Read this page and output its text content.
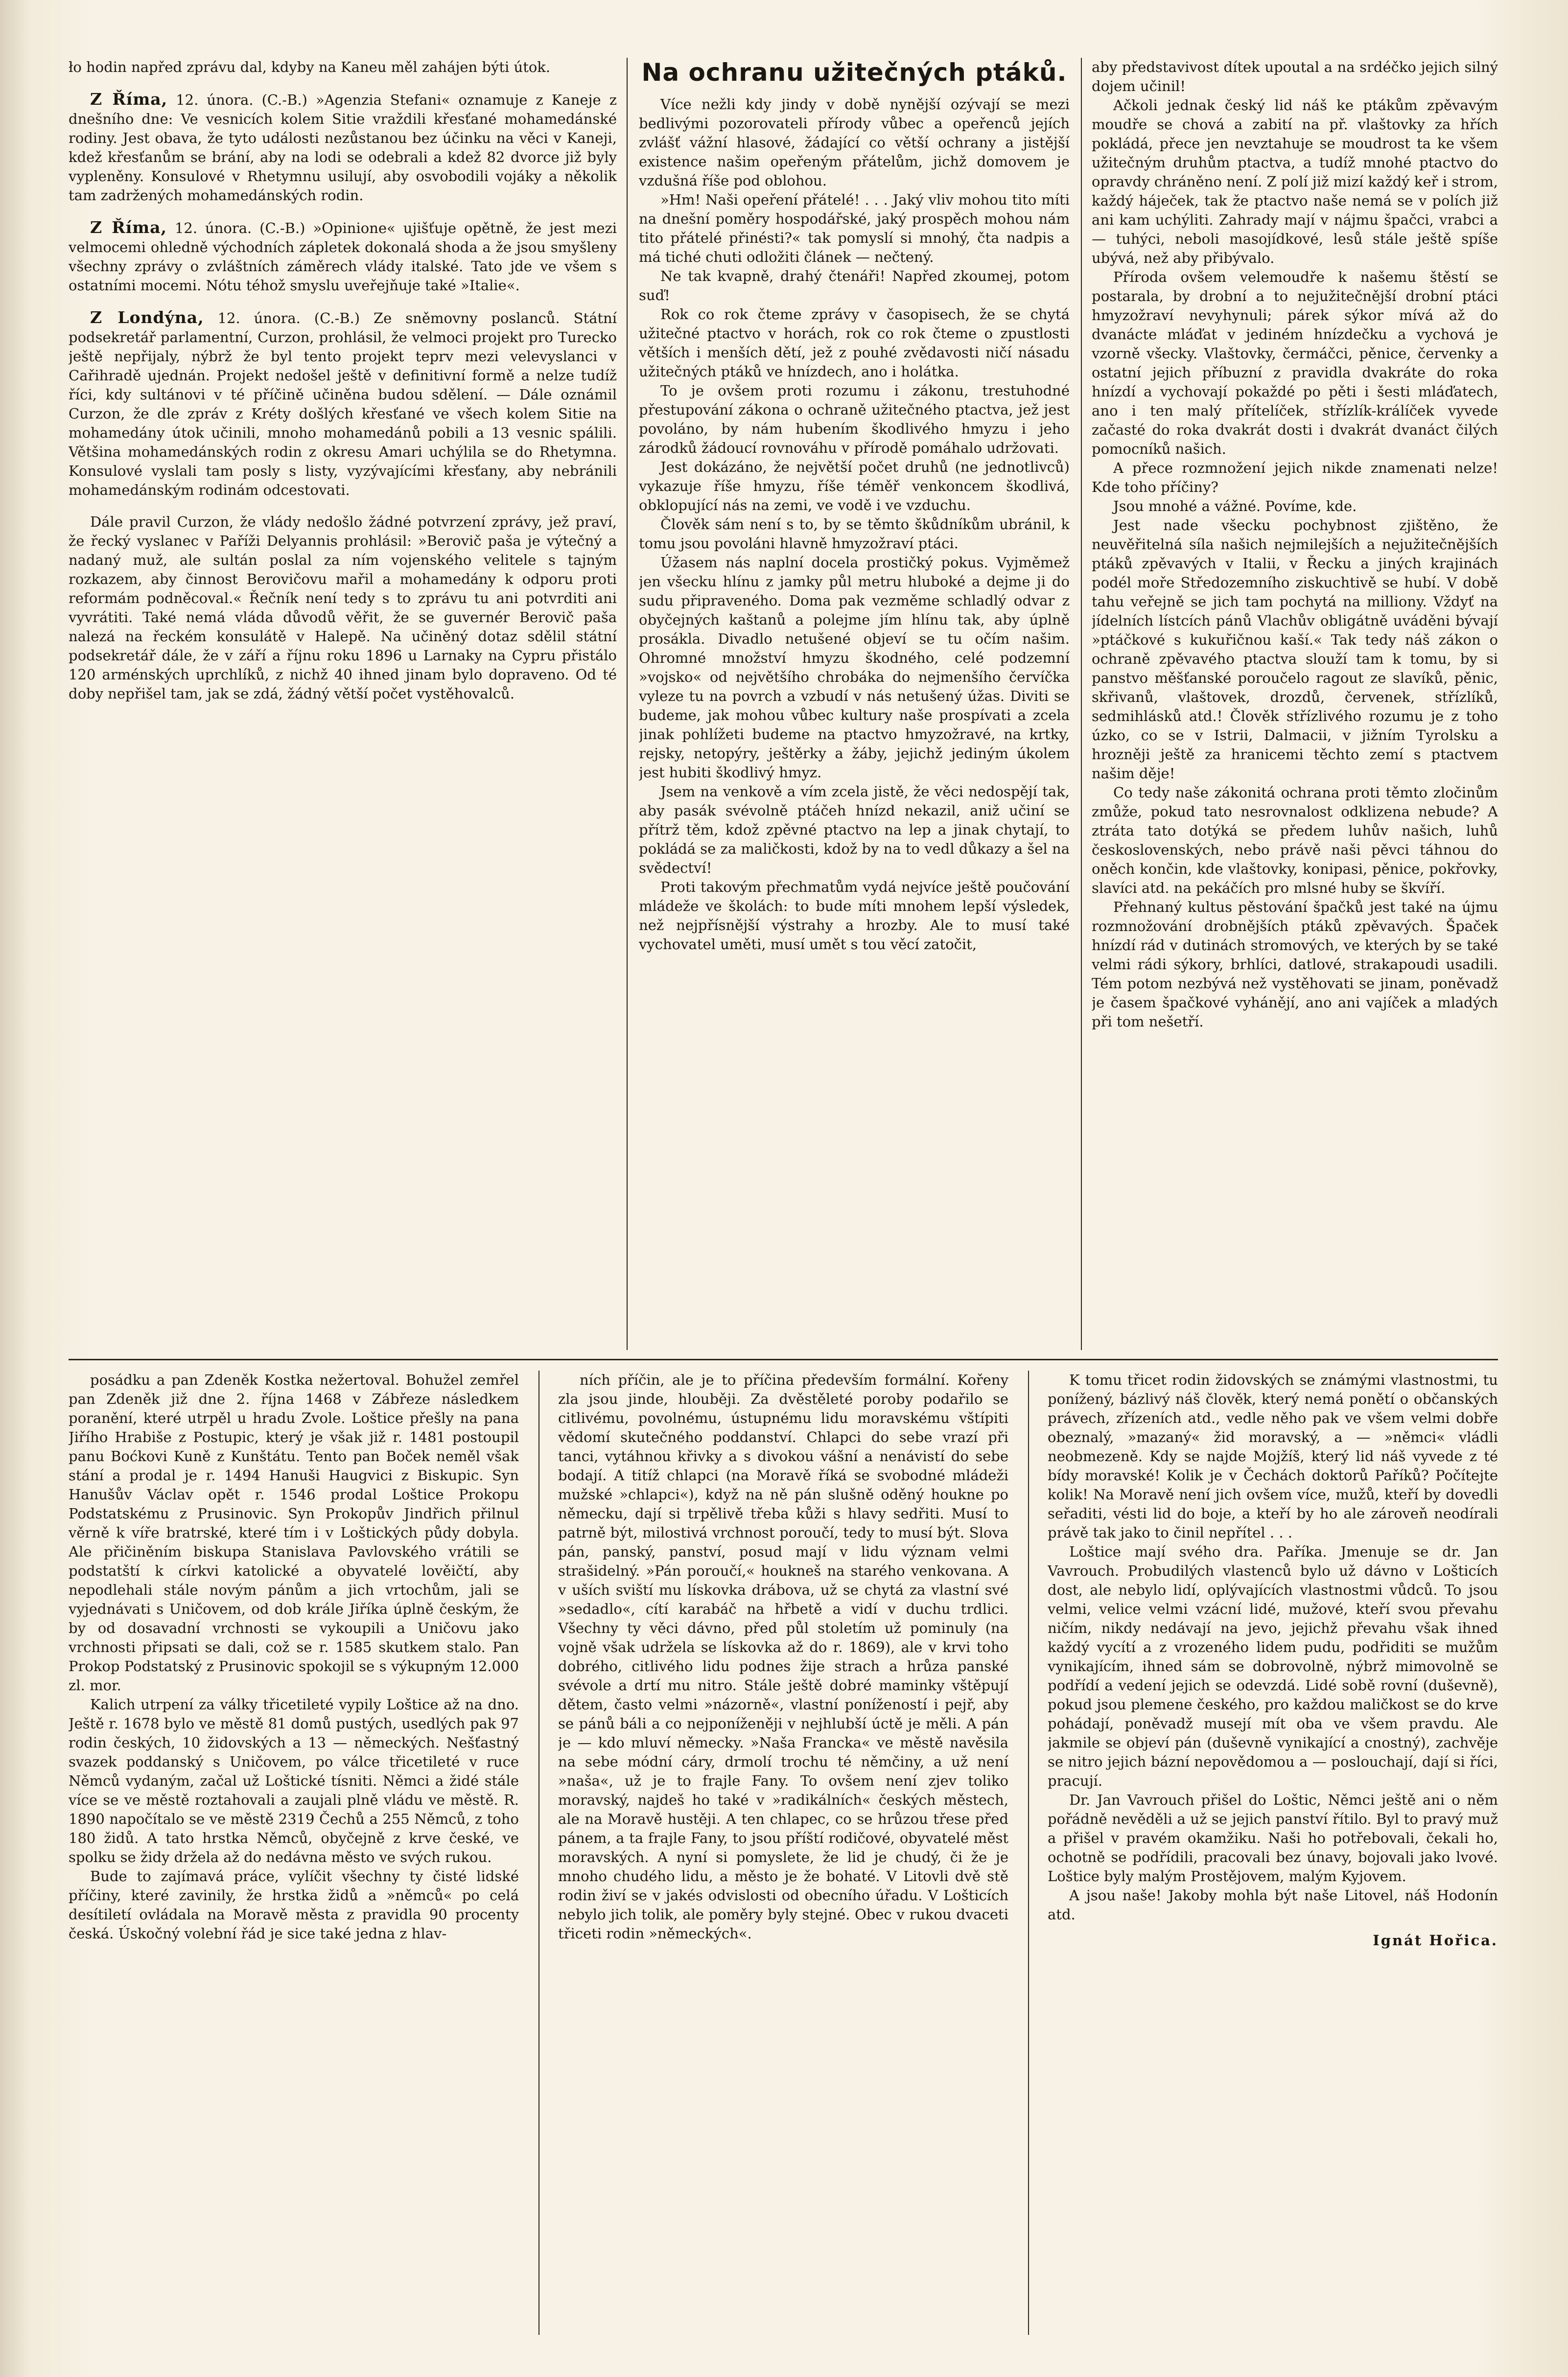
ło hodin napřed zprávu dal, kdyby na Kaneu měl zahájen býti útok.

Z Říma, 12. února. (C.-B.) »Agenzia Stefani« oznamuje z Kaneje z dnešního dne: Ve vesnicích kolem Sitie vraždili křesťané mohamedánské rodiny. Jest obava, že tyto události nezůstanou bez účinku na věci v Kaneji, kdež křesťanům se brání, aby na lodi se odebrali a kdež 82 dvorce již byly vypleněny. Konsulové v Rhetymnu usilují, aby osvobodili vojáky a několik tam zadržených mohamedánských rodin.

Z Říma, 12. února. (C.-B.) »Opinione« ujišťuje opětně, že jest mezi velmocemi ohledně východních zápletek dokonalá shoda a že jsou smyšleny všechny zprávy o zvláštních záměrech vlády italské. Tato jde ve všem s ostatními mocemi. Nótu téhož smyslu uveřejňuje také »Italie«.

Z Londýna, 12. února. (C.-B.) Ze sněmovny poslanců. Státní podsekretář parlamentní, Curzon, prohlásil, že velmoci projekt pro Turecko ještě nepřijaly, nýbrž že byl tento projekt teprv mezi velevyslanci v Cařihradě ujednán. Projekt nedošel ještě v definitivní formě a nelze tudíž říci, kdy sultánovi v té příčině učiněna budou sdělení. — Dále oznámil Curzon, že dle zpráv z Kréty došlých křesťané ve všech kolem Sitie na mohamedány útok učinili, mnoho mohamedánů pobili a 13 vesnic spálili. Většina mohamedánských rodin z okresu Amari uchýlila se do Rhetymna. Konsulové vyslali tam posly s listy, vyzývajícími křesťany, aby nebránili mohamedánským rodinám odcestovati.

Dále pravil Curzon, že vlády nedošlo žádné potvrzení zprávy, jež praví, že řecký vyslanec v Paříži Delyannis prohlásil: »Berovič paša je výtečný a nadaný muž, ale sultán poslal za ním vojenského velitele s tajným rozkazem, aby činnost Berovičovu mařil a mohamedány k odporu proti reformám podněcoval.« Řečník není tedy s to zprávu tu ani potvrditi ani vyvrátiti. Také nemá vláda důvodů věřit, že se guvernér Berovič paša nalezá na řeckém konsulátě v Halepě. Na učiněný dotaz sdělil státní podsekretář dále, že v září a říjnu roku 1896 u Larnaky na Cypru přistálo 120 arménských uprchlíků, z nichž 40 ihned jinam bylo dopraveno. Od té doby nepřišel tam, jak se zdá, žádný větší počet vystěhovalců.

Na ochranu užitečných ptáků.

Více nežli kdy jindy v době nynější ozývají se mezi bedlivými pozorovateli přírody vůbec a opeřenců jejích zvlášť vážní hlasové, žádající co větší ochrany a jistější existence našim opeřeným přátelům, jichž domovem je vzdušná říše pod oblohou.

»Hm! Naši opeření přátelé! . . . Jaký vliv mohou tito míti na dnešní poměry hospodářské, jaký prospěch mohou nám tito přátelé přinésti?« tak pomyslí si mnohý, čta nadpis a má tiché chuti odložiti článek — nečtený.

Ne tak kvapně, drahý čtenáři! Napřed zkoumej, potom suď!

Rok co rok čteme zprávy v časopisech, že se chytá užitečné ptactvo v horách, rok co rok čteme o zpustlosti větších i menších dětí, jež z pouhé zvědavosti ničí násadu užitečných ptáků ve hnízdech, ano i holátka.

To je ovšem proti rozumu i zákonu, trestuhodné přestupování zákona o ochraně užitečného ptactva, jež jest povoláno, by nám hubením škodlivého hmyzu i jeho zárodků žádoucí rovnováhu v přírodě pomáhalo udržovati.

Jest dokázáno, že největší počet druhů (ne jednotlivců) vykazuje říše hmyzu, říše téměř venkoncem škodlivá, obklopující nás na zemi, ve vodě i ve vzduchu.

Člověk sám není s to, by se těmto škůdníkům ubránil, k tomu jsou povoláni hlavně hmyzožraví ptáci.

Úžasem nás naplní docela prostičký pokus. Vyjměmež jen všecku hlínu z jamky půl metru hluboké a dejme ji do sudu připraveného. Doma pak vezměme schladlý odvar z obyčejných kaštanů a polejme jím hlínu tak, aby úplně prosákla. Divadlo netušené objeví se tu očím našim. Ohromné množství hmyzu škodného, celé podzemní »vojsko« od největšího chrobáka do nejmenšího červíčka vyleze tu na povrch a vzbudí v nás netušený úžas. Diviti se budeme, jak mohou vůbec kultury naše prospívati a zcela jinak pohlížeti budeme na ptactvo hmyzožravé, na krtky, rejsky, netopýry, ještěrky a žáby, jejichž jediným úkolem jest hubiti škodlivý hmyz.

Jsem na venkově a vím zcela jistě, že věci nedospějí tak, aby pasák svévolně ptáčeh hnízd nekazil, aniž učiní se přítrž těm, kdož zpěvné ptactvo na lep a jinak chytají, to pokládá se za maličkosti, kdož by na to vedl důkazy a šel na svědectví!

Proti takovým přechmatům vydá nejvíce ještě poučování mládeže ve školách: to bude míti mnohem lepší výsledek, než nejpřísnější výstrahy a hrozby. Ale to musí také vychovatel uměti, musí umět s tou věcí zatočit,

aby představivost dítek upoutal a na srdéčko jejich silný dojem učinil!

Ačkoli jednak český lid náš ke ptákům zpěvavým moudře se chová a zabití na př. vlaštovky za hřích pokládá, přece jen nevztahuje se moudrost ta ke všem užitečným druhům ptactva, a tudíž mnohé ptactvo do opravdy chráněno není. Z polí již mizí každý keř i strom, každý háječek, tak že ptactvo naše nemá se v polích již ani kam uchýliti. Zahrady mají v nájmu špačci, vrabci a — tuhýci, neboli masojídkové, lesů stále ještě spíše ubývá, než aby přibývalo.

Příroda ovšem velemoudře k našemu štěstí se postarala, by drobní a to nejužitečnější drobní ptáci hmyzožraví nevyhynuli; párek sýkor mívá až do dvanácte mláďat v jediném hnízdečku a vychová je vzorně všecky. Vlaštovky, čermáčci, pěnice, červenky a ostatní jejich příbuzní z pravidla dvakráte do roka hnízdí a vychovají pokaždé po pěti i šesti mláďatech, ano i ten malý přítelíček, střízlík-králíček vyvede začasté do roka dvakrát dosti i dvakrát dvanáct čilých pomocníků našich.

A přece rozmnožení jejich nikde znamenati nelze! Kde toho příčiny?

Jsou mnohé a vážné. Povíme, kde.

Jest nade všecku pochybnost zjištěno, že neuvěřitelná síla našich nejmilejších a nejužitečnějších ptáků zpěvavých v Italii, v Řecku a jiných krajinách podél moře Středozemního ziskuchtivě se hubí. V době tahu veřejně se jich tam pochytá na milliony. Vždyť na jídelních lístcích pánů Vlachův obligátně uváděni bývají »ptáčkové s kukuřičnou kaší.« Tak tedy náš zákon o ochraně zpěvavého ptactva slouží tam k tomu, by si panstvo měšťanské poroučelo ragout ze slavíků, pěnic, skřivanů, vlaštovek, drozdů, červenek, střízlíků, sedmihlásků atd.! Člověk střízlivého rozumu je z toho úzko, co se v Istrii, Dalmacii, v jižním Tyrolsku a hrozněji ještě za hranicemi těchto zemí s ptactvem našim děje!

Co tedy naše zákonitá ochrana proti těmto zločinům zmůže, pokud tato nesrovnalost odklizena nebude? A ztráta tato dotýká se předem luhův našich, luhů československých, nebo právě naši pěvci táhnou do oněch končin, kde vlaštovky, konipasi, pěnice, pokřovky, slavíci atd. na pekáčích pro mlsné huby se škvíří.

Přehnaný kultus pěstování špačků jest také na újmu rozmnožování drobnějších ptáků zpěvavých. Špaček hnízdí rád v dutinách stromových, ve kterých by se také velmi rádi sýkory, brhlíci, datlové, strakapoudi usadili. Tém potom nezbývá než vystěhovati se jinam, poněvadž je časem špačkové vyhánějí, ano ani vajíček a mladých při tom nešetří.

posádku a pan Zdeněk Kostka nežertoval. Bohužel zemřel pan Zdeněk již dne 2. října 1468 v Zábřeze následkem poranění, které utrpěl u hradu Zvole. Loštice přešly na pana Jiřího Hrabiše z Postupic, který je však již r. 1481 postoupil panu Boćkovi Kuně z Kunštátu. Tento pan Boček neměl však stání a prodal je r. 1494 Hanuši Haugvici z Biskupic. Syn Hanušův Václav opět r. 1546 prodal Loštice Prokopu Podstatskému z Prusinovic. Syn Prokopův Jindřich přilnul věrně k víře bratrské, které tím i v Loštických půdy dobyla. Ale přičiněním biskupa Stanislava Pavlovského vrátili se podstatští k církvi katolické a obyvatelé lověičtí, aby nepodlehali stále novým pánům a jich vrtochům, jali se vyjednávati s Uničovem, od dob krále Jiříka úplně českým, že by od dosavadní vrchnosti se vykoupili a Uničovu jako vrchnosti připsati se dali, což se r. 1585 skutkem stalo. Pan Prokop Podstatský z Prusinovic spokojil se s výkupným 12.000 zl. mor.

Kalich utrpení za války třicetileté vypily Loštice až na dno. Ještě r. 1678 bylo ve městě 81 domů pustých, usedlých pak 97 rodin českých, 10 židovských a 13 — německých. Nešťastný svazek poddanský s Uničovem, po válce třicetileté v ruce Němců vydaným, začal už Loštické tísniti. Němci a židé stále více se ve městě roztahovali a zaujali plně vládu ve městě. R. 1890 napočítalo se ve městě 2319 Čechů a 255 Němců, z toho 180 židů. A tato hrstka Němců, obyčejně z krve české, ve spolku se židy držela až do nedávna město ve svých rukou.

Bude to zajímavá práce, vylíčit všechny ty čisté lidské příčiny, které zavinily, že hrstka židů a »němců« po celá desítiletí ovládala na Moravě města z pravidla 90 procenty česká. Úskočný volební řád je sice také jedna z hlav-

ních příčin, ale je to příčina především formální. Kořeny zla jsou jinde, hlouběji. Za dvěstěleté poroby podařilo se citlivému, povolnému, ústupnému lidu moravskému vštípiti vědomí skutečného poddanství. Chlapci do sebe vrazí při tanci, vytáhnou křivky a s divokou vášní a nenávistí do sebe bodají. A titíž chlapci (na Moravě říká se svobodné mládeži mužské »chlapci«), když na ně pán slušně oděný houkne po německu, dají si trpělivě třeba kůži s hlavy sedřiti. Musí to patrně být, milostivá vrchnost poroučí, tedy to musí být. Slova pán, panský, panství, posud mají v lidu význam velmi strašidelný. »Pán poroučí,« houkneš na starého venkovana. A v uších sviští mu lískovka drábova, už se chytá za vlastní své »sedadlo«, cítí karabáč na hřbetě a vidí v duchu trdlici. Všechny ty věci dávno, před půl stoletím už pominuly (na vojně však udržela se lískovka až do r. 1869), ale v krvi toho dobrého, citlivého lidu podnes žije strach a hrůza panské svévole a drtí mu nitro. Stále ještě dobré maminky vštěpují dětem, často velmi »názorně«, vlastní ponížeností i pejř, aby se pánů báli a co nejponíženěji v nejhlubší úctě je měli. A pán je — kdo mluví německy. »Naša Francka« ve městě navěsila na sebe módní cáry, drmolí trochu té němčiny, a už není »naša«, už je to frajle Fany. To ovšem není zjev toliko moravský, najdeš ho také v »radikálních« českých městech, ale na Moravě hustěji. A ten chlapec, co se hrůzou třese před pánem, a ta frajle Fany, to jsou příští rodičové, obyvatelé měst moravských. A nyní si pomyslete, že lid je chudý, či že je mnoho chudého lidu, a město je že bohaté. V Litovli dvě stě rodin živí se v jakés odvislosti od obecního úřadu. V Lošticích nebylo jich tolik, ale poměry byly stejné. Obec v rukou dvaceti třiceti rodin »německých«.

K tomu třicet rodin židovských se známými vlastnostmi, tu ponížený, bázlivý náš člověk, který nemá ponětí o občanských právech, zřízeních atd., vedle něho pak ve všem velmi dobře obeznalý, »mazaný« žid moravský, a — »němci« vládli neobmezeně. Kdy se najde Mojžíš, který lid náš vyvede z té bídy moravské! Kolik je v Čechách doktorů Paříků? Počítejte kolik! Na Moravě není jich ovšem více, mužů, kteří by dovedli seřaditi, vésti lid do boje, a kteří by ho ale zároveň neodírali právě tak jako to činil nepřítel . . .

Loštice mají svého dra. Paříka. Jmenuje se dr. Jan Vavrouch. Probudilých vlastenců bylo už dávno v Lošticích dost, ale nebylo lidí, oplývajících vlastnostmi vůdců. To jsou velmi, velice velmi vzácní lidé, mužové, kteří svou převahu ničím, nikdy nedávají na jevo, jejichž převahu však ihned každý vycítí a z vrozeného lidem pudu, podřiditi se mužům vynikajícím, ihned sám se dobrovolně, nýbrž mimovolně se podřídí a vedení jejich se odevzdá. Lidé sobě rovní (duševně), pokud jsou plemene českého, pro každou maličkost se do krve pohádají, poněvadž musejí mít oba ve všem pravdu. Ale jakmile se objeví pán (duševně vynikající a cnostný), zachvěje se nitro jejich bázní nepovědomou a — poslouchají, dají si říci, pracují.

Dr. Jan Vavrouch přišel do Loštic, Němci ještě ani o něm pořádně nevěděli a už se jejich panství řítilo. Byl to pravý muž a přišel v pravém okamžiku. Naši ho potřebovali, čekali ho, ochotně se podřídili, pracovali bez únavy, bojovali jako lvové. Loštice byly malým Prostějovem, malým Kyjovem.

A jsou naše! Jakoby mohla být naše Litovel, náš Hodonín atd.

Ignát Hořica.
